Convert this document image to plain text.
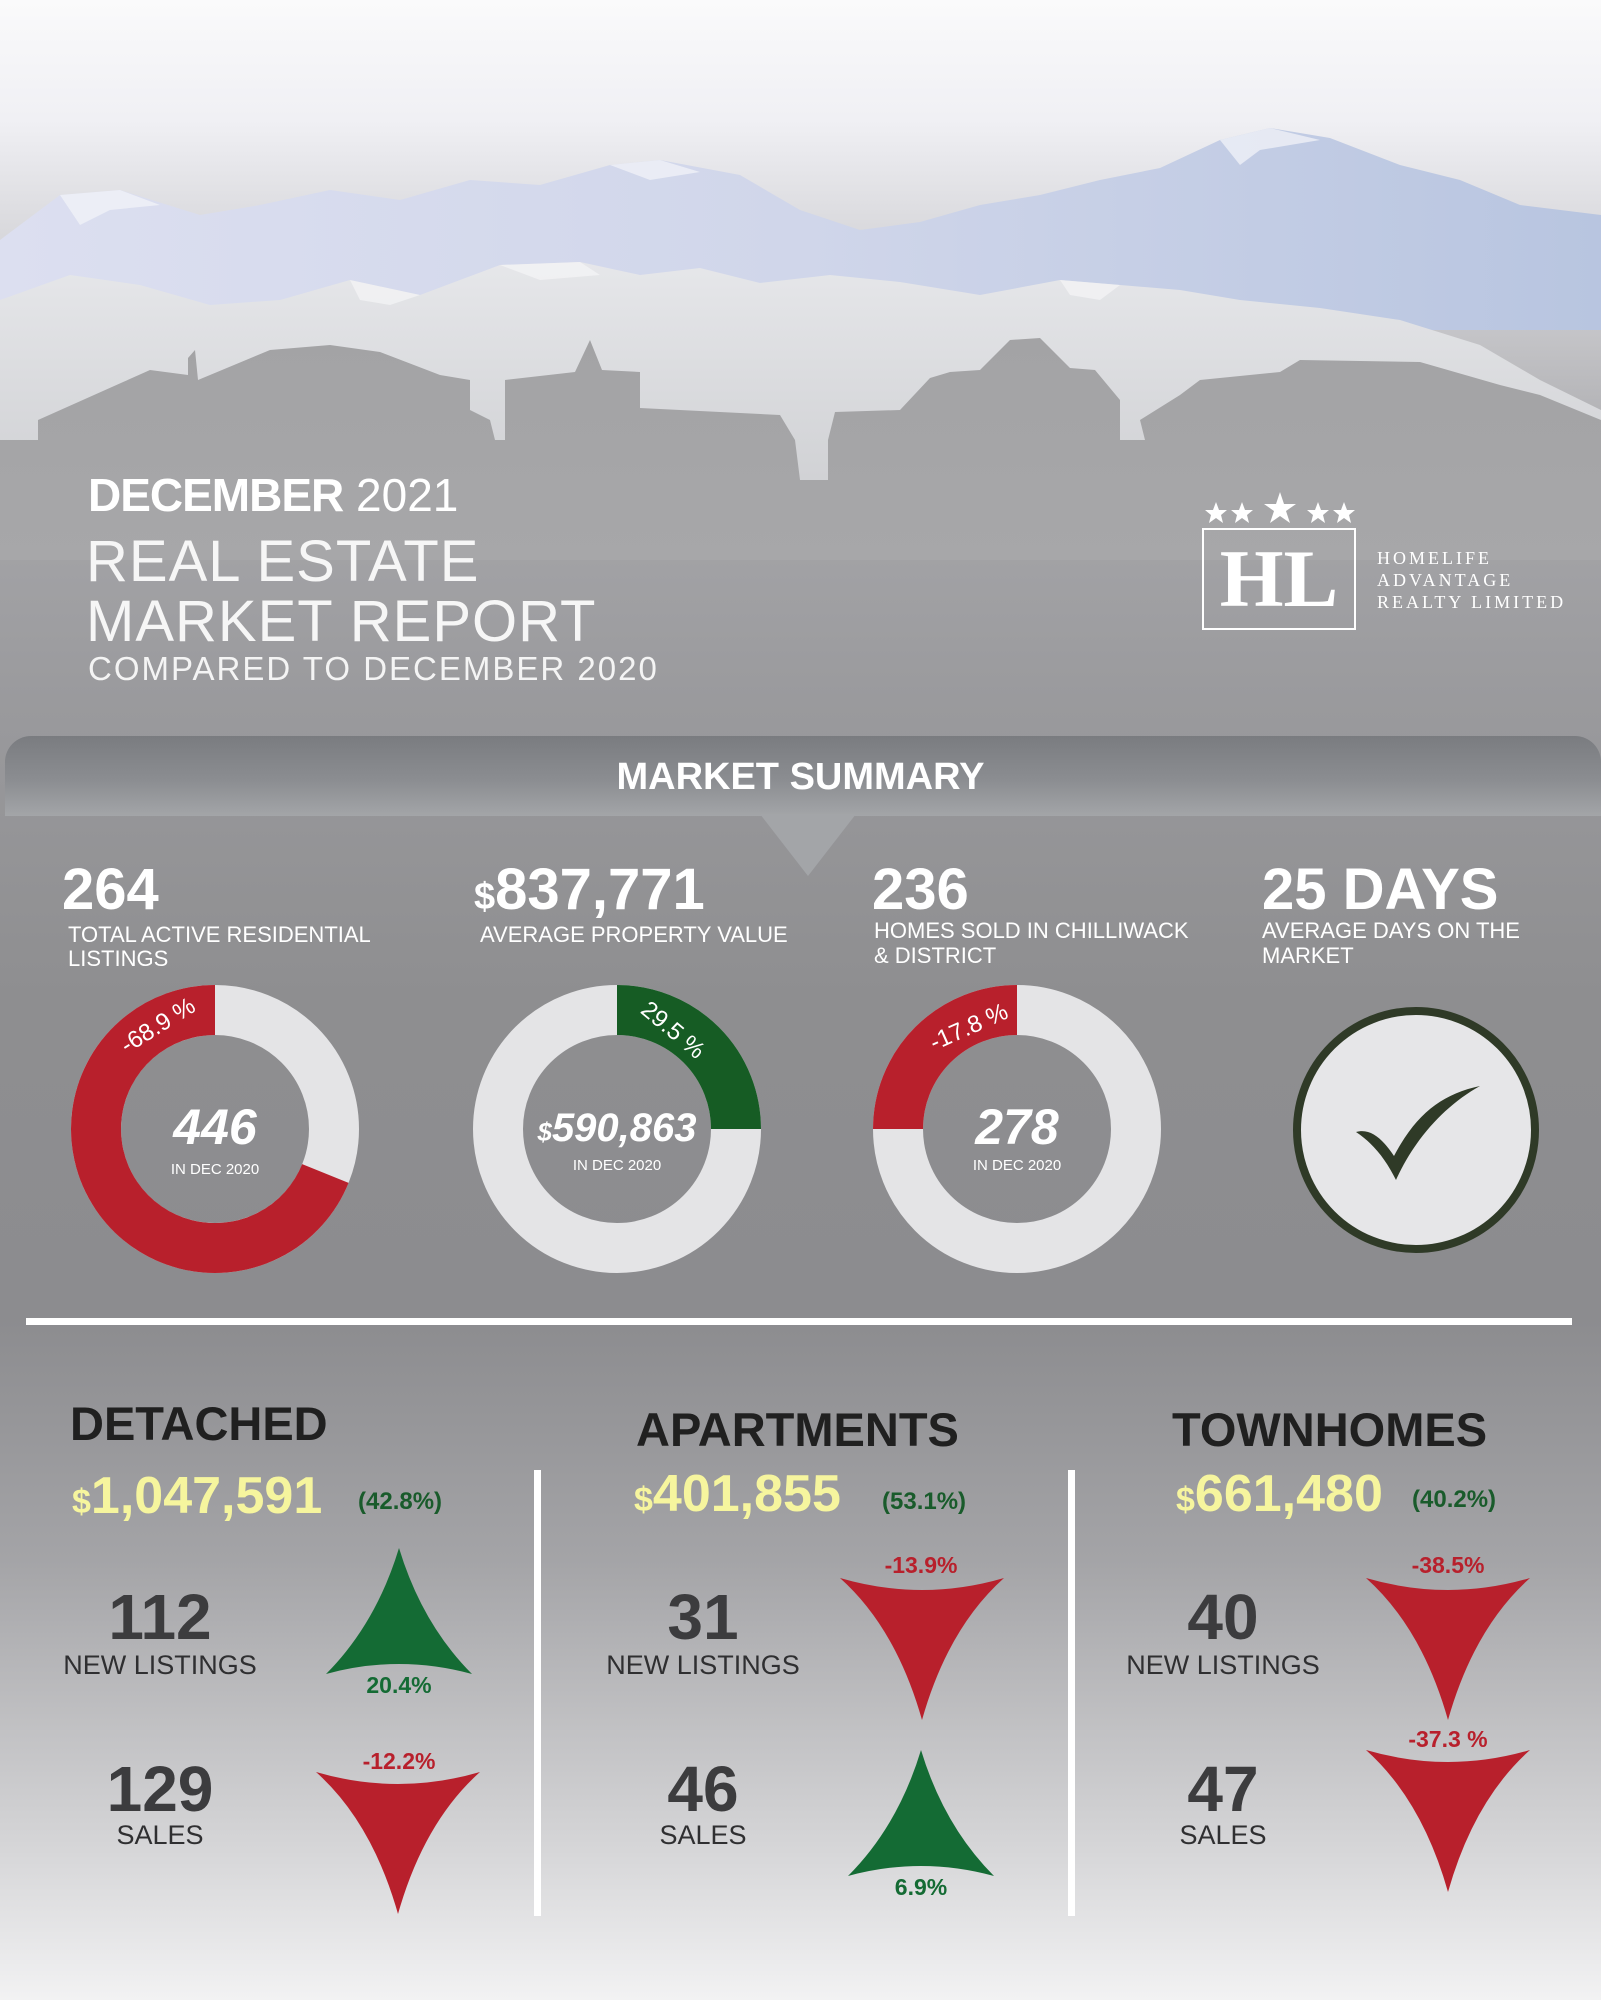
DECEMBER 2021
REAL ESTATE
MARKET REPORT
COMPARED TO DECEMBER 2020
HL	HOMELIFE
ADVANTAGE
REALTY LIMITED
MARKET SUMMARY
264
TOTAL ACTIVE RESIDENTIAL
LISTINGS
$837,771
AVERAGE PROPERTY VALUE
236
HOMES SOLD IN CHILLIWACK
& DISTRICT
25 DAYS
AVERAGE DAYS ON THE
MARKET
-68.9 %
446
IN DEC 2020
29.5 %
$590,863
IN DEC 2020
-17.8 %
278
IN DEC 2020
DETACHED
$1,047,591 (42.8%)
112
NEW LISTINGS
129
SALES
20.4%
-12.2%
APARTMENTS
$401,855 (53.1%)
31
NEW LISTINGS
46
SALES
-13.9%
6.9%
TOWNHOMES
$661,480 (40.2%)
40
NEW LISTINGS
47
SALES
-38.5%
-37.3 %
